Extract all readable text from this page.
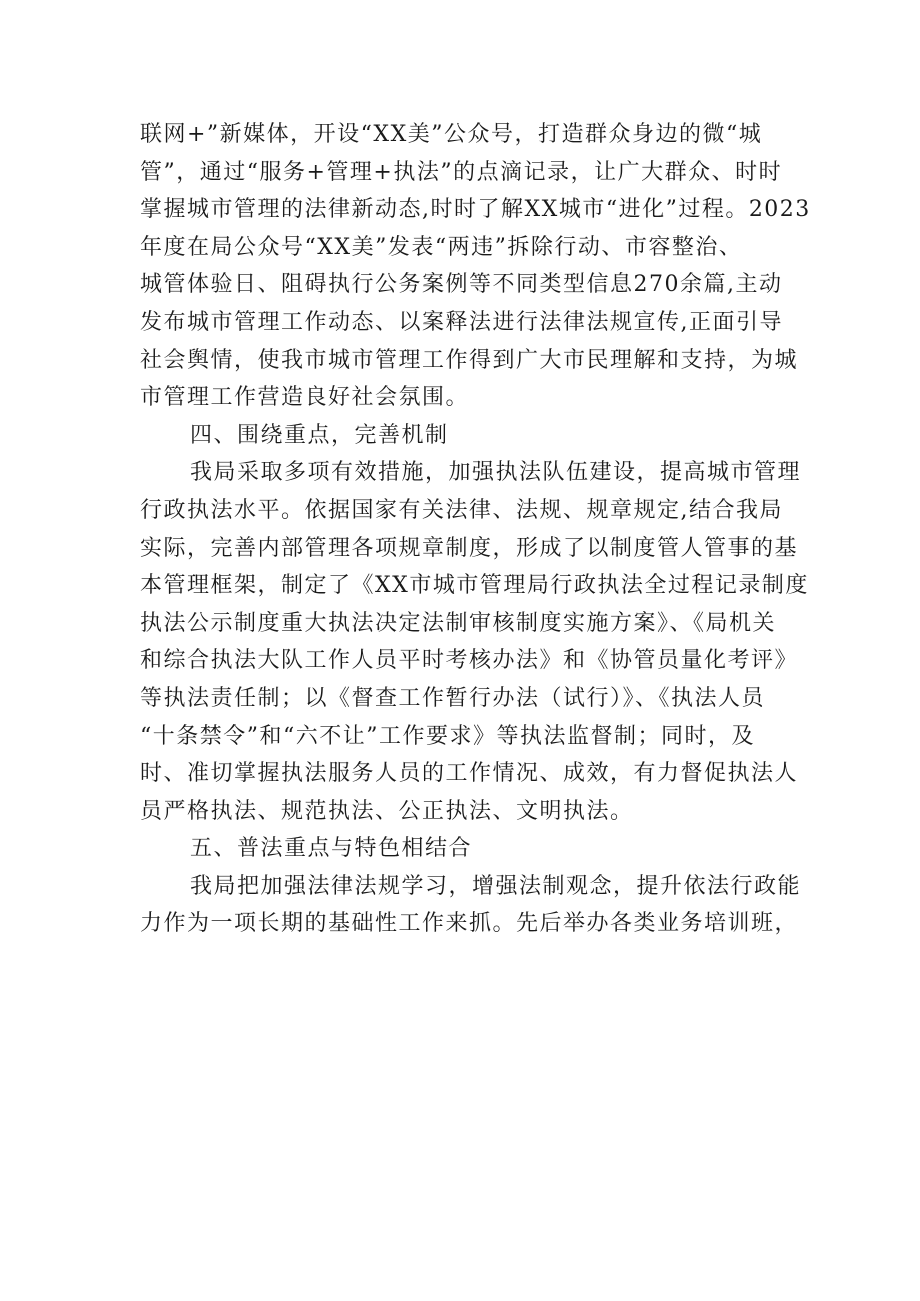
联网+”新媒体，开设“XX美”公众号，打造群众身边的微“城
管”，通过“服务+管理+执法”的点滴记录，让广大群众、时时
掌握城市管理的法律新动态,时时了解XX城市“进化”过程。2023
年度在局公众号“XX美”发表“两违”拆除行动、市容整治、
城管体验日、阻碍执行公务案例等不同类型信息270余篇,主动
发布城市管理工作动态、以案释法进行法律法规宣传,正面引导
社会舆情，使我市城市管理工作得到广大市民理解和支持，为城
市管理工作营造良好社会氛围。
四、围绕重点，完善机制
我局采取多项有效措施，加强执法队伍建设，提高城市管理
行政执法水平。依据国家有关法律、法规、规章规定,结合我局
实际，完善内部管理各项规章制度，形成了以制度管人管事的基
本管理框架，制定了《XX市城市管理局行政执法全过程记录制度
执法公示制度重大执法决定法制审核制度实施方案》、《局机关
和综合执法大队工作人员平时考核办法》和《协管员量化考评》
等执法责任制；以《督查工作暂行办法（试行）》、《执法人员
“十条禁令”和“六不让”工作要求》等执法监督制；同时，及
时、准切掌握执法服务人员的工作情况、成效，有力督促执法人
员严格执法、规范执法、公正执法、文明执法。
五、普法重点与特色相结合
我局把加强法律法规学习，增强法制观念，提升依法行政能
力作为一项长期的基础性工作来抓。先后举办各类业务培训班，
